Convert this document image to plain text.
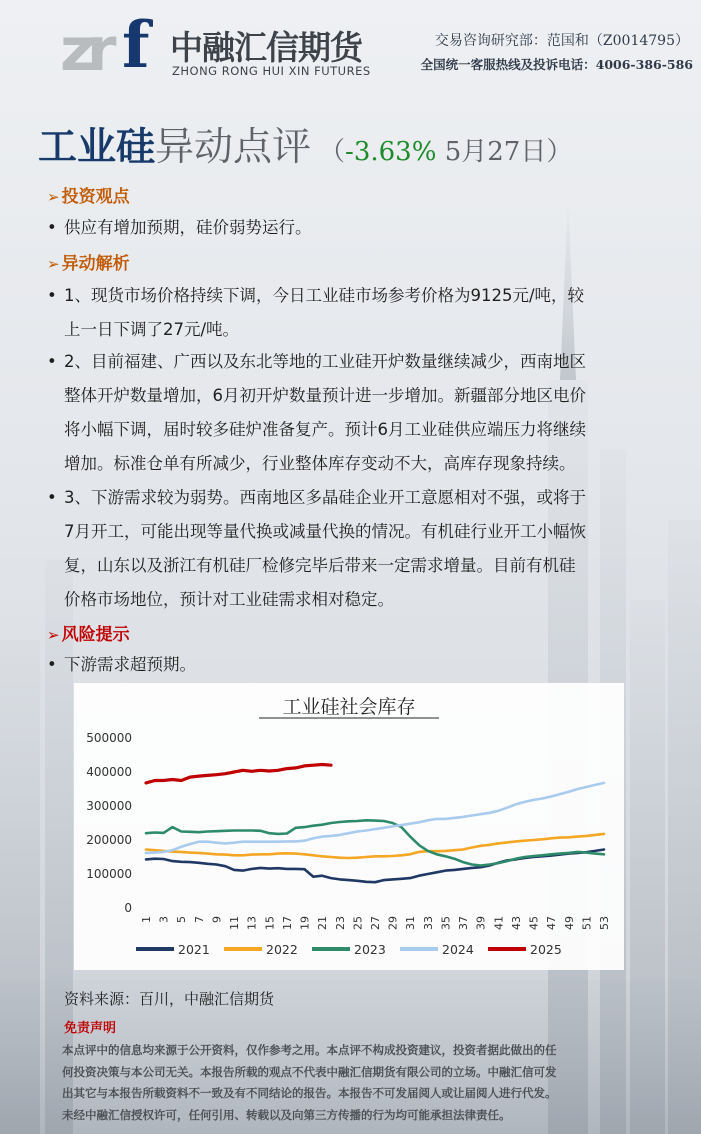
zr f 中融汇信期货
ZHONG RONG HUI XIN FUTURES
交易咨询研究部：范国和（Z0014795）
全国统一客服热线及投诉电话：4006-386-586
工业硅异动点评 （-3.63% 5月27日）
➢ 投资观点
• 供应有增加预期，硅价弱势运行。
➢ 异动解析
• 1、现货市场价格持续下调，今日工业硅市场参考价格为9125元/吨，较
上一日下调了27元/吨。
• 2、目前福建、广西以及东北等地的工业硅开炉数量继续减少，西南地区
整体开炉数量增加，6月初开炉数量预计进一步增加。新疆部分地区电价
将小幅下调，届时较多硅炉准备复产。预计6月工业硅供应端压力将继续
增加。标准仓单有所减少，行业整体库存变动不大，高库存现象持续。
• 3、下游需求较为弱势。西南地区多晶硅企业开工意愿相对不强，或将于
7月开工，可能出现等量代换或减量代换的情况。有机硅行业开工小幅恢
复，山东以及浙江有机硅厂检修完毕后带来一定需求增量。目前有机硅
价格市场地位，预计对工业硅需求相对稳定。
➢ 风险提示
• 下游需求超预期。
工业硅社会库存
0
100000
200000
300000
400000
500000
1 3 5 7 9 11 13 15 17 19 21 23 25 27 29 31 33 35 37 39 41 43 45 47 49 51 53
2021	2022	2023	2024	2025
资料来源：百川，中融汇信期货
免责声明
本点评中的信息均来源于公开资料，仅作参考之用。本点评不构成投资建议，投资者据此做出的任
何投资决策与本公司无关。本报告所载的观点不代表中融汇信期货有限公司的立场。中融汇信可发
出其它与本报告所载资料不一致及有不同结论的报告。本报告不可发届阅人或让届阅人进行代发。
未经中融汇信授权许可，任何引用、转载以及向第三方传播的行为均可能承担法律责任。
